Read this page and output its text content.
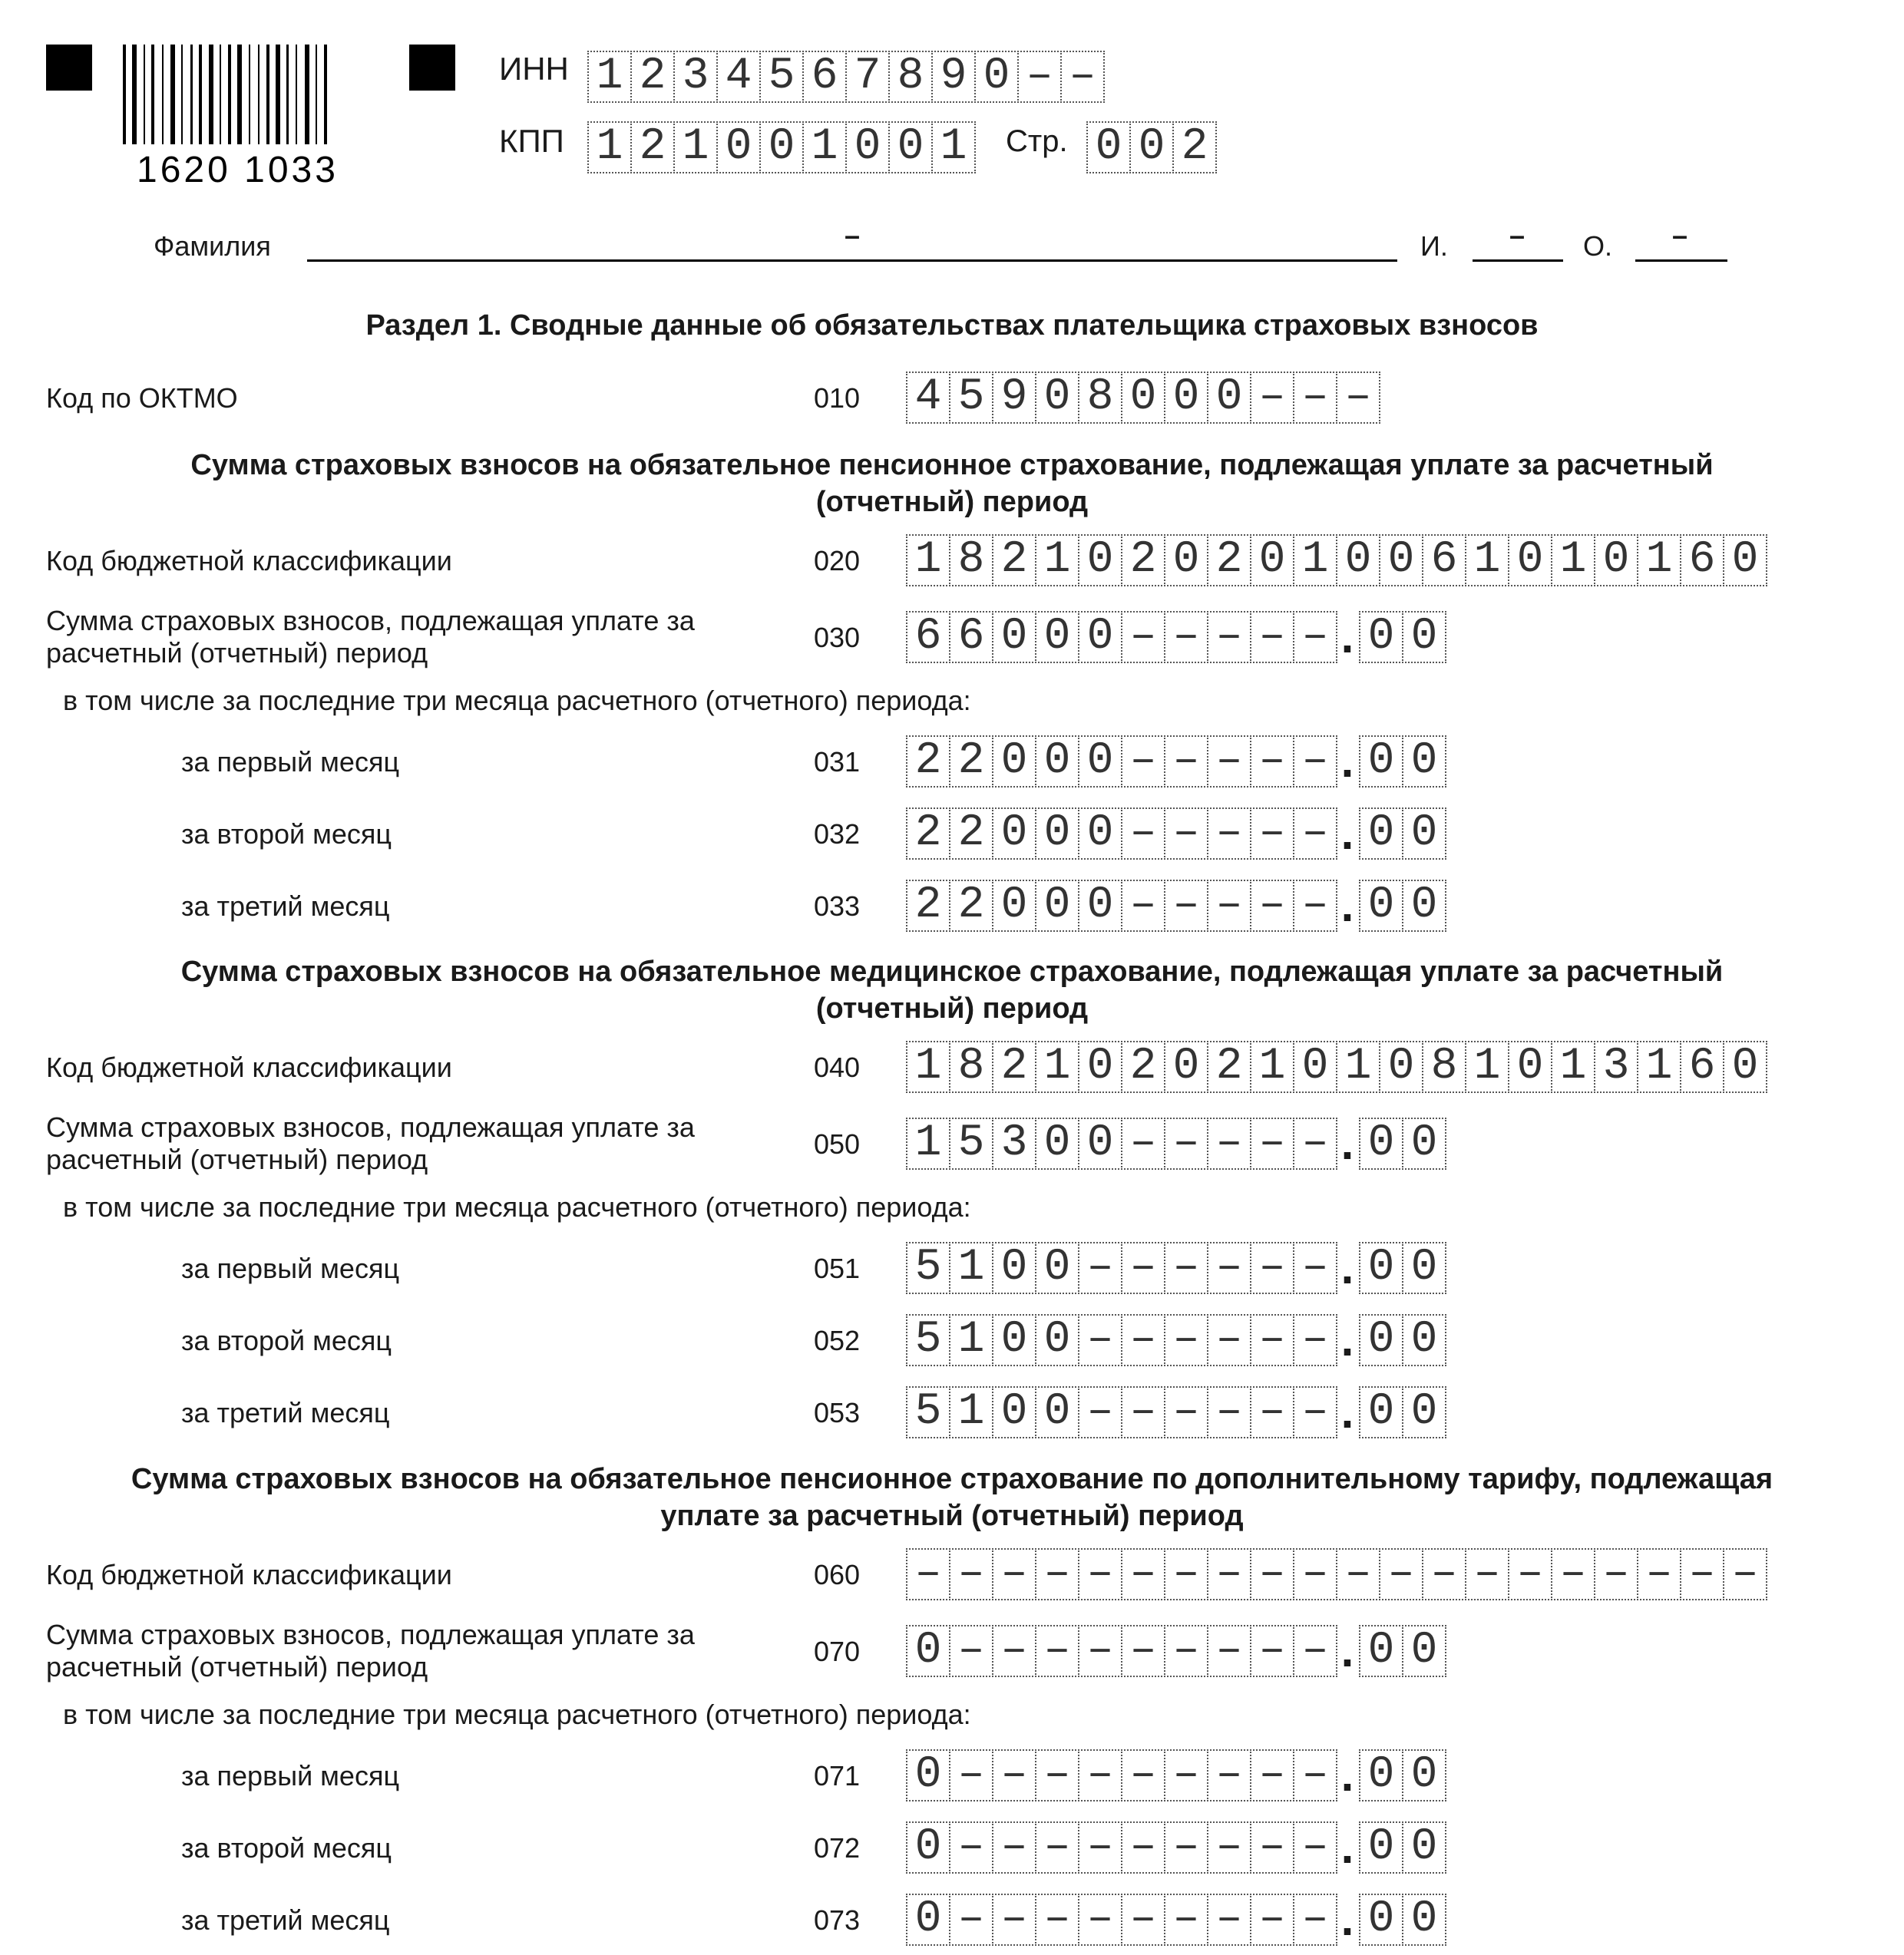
1620 1033
ИНН 1 2 3 4 5 6 7 8 9 0 – –
КПП 1 2 1 0 0 1 0 0 1 Стр. 0 0 2
Фамилия	–	И. – О. –
Раздел 1. Сводные данные об обязательствах плательщика страховых взносов
Код по ОКТМО	010 4 5 9 0 8 0 0 0 – – –
Сумма страховых взносов на обязательное пенсионное страхование, подлежащая уплате за расчетный
(отчетный) период
Код бюджетной классификации	020 1 8 2 1 0 2 0 2 0 1 0 0 6 1 0 1 0 1 6 0
Сумма страховых взносов, подлежащая уплате за
расчетный (отчетный) период	030 6 6 0 0 0 – – – – – . 0 0
в том числе за последние три месяца расчетного (отчетного) периода:
за первый месяц	031 2 2 0 0 0 – – – – – . 0 0
за второй месяц	032 2 2 0 0 0 – – – – – . 0 0
за третий месяц	033 2 2 0 0 0 – – – – – . 0 0
Сумма страховых взносов на обязательное медицинское страхование, подлежащая уплате за расчетный
(отчетный) период
Код бюджетной классификации	040 1 8 2 1 0 2 0 2 1 0 1 0 8 1 0 1 3 1 6 0
Сумма страховых взносов, подлежащая уплате за
расчетный (отчетный) период	050 1 5 3 0 0 – – – – – . 0 0
в том числе за последние три месяца расчетного (отчетного) периода:
за первый месяц	051 5 1 0 0 – – – – – – . 0 0
за второй месяц	052 5 1 0 0 – – – – – – . 0 0
за третий месяц	053 5 1 0 0 – – – – – – . 0 0
Сумма страховых взносов на обязательное пенсионное страхование по дополнительному тарифу, подлежащая
уплате за расчетный (отчетный) период
Код бюджетной классификации	060 – – – – – – – – – – – – – – – – – – – –
Сумма страховых взносов, подлежащая уплате за
расчетный (отчетный) период	070 0 – – – – – – – – – . 0 0
в том числе за последние три месяца расчетного (отчетного) периода:
за первый месяц	071 0 – – – – – – – – – . 0 0
за второй месяц	072 0 – – – – – – – – – . 0 0
за третий месяц	073 0 – – – – – – – – – . 0 0
